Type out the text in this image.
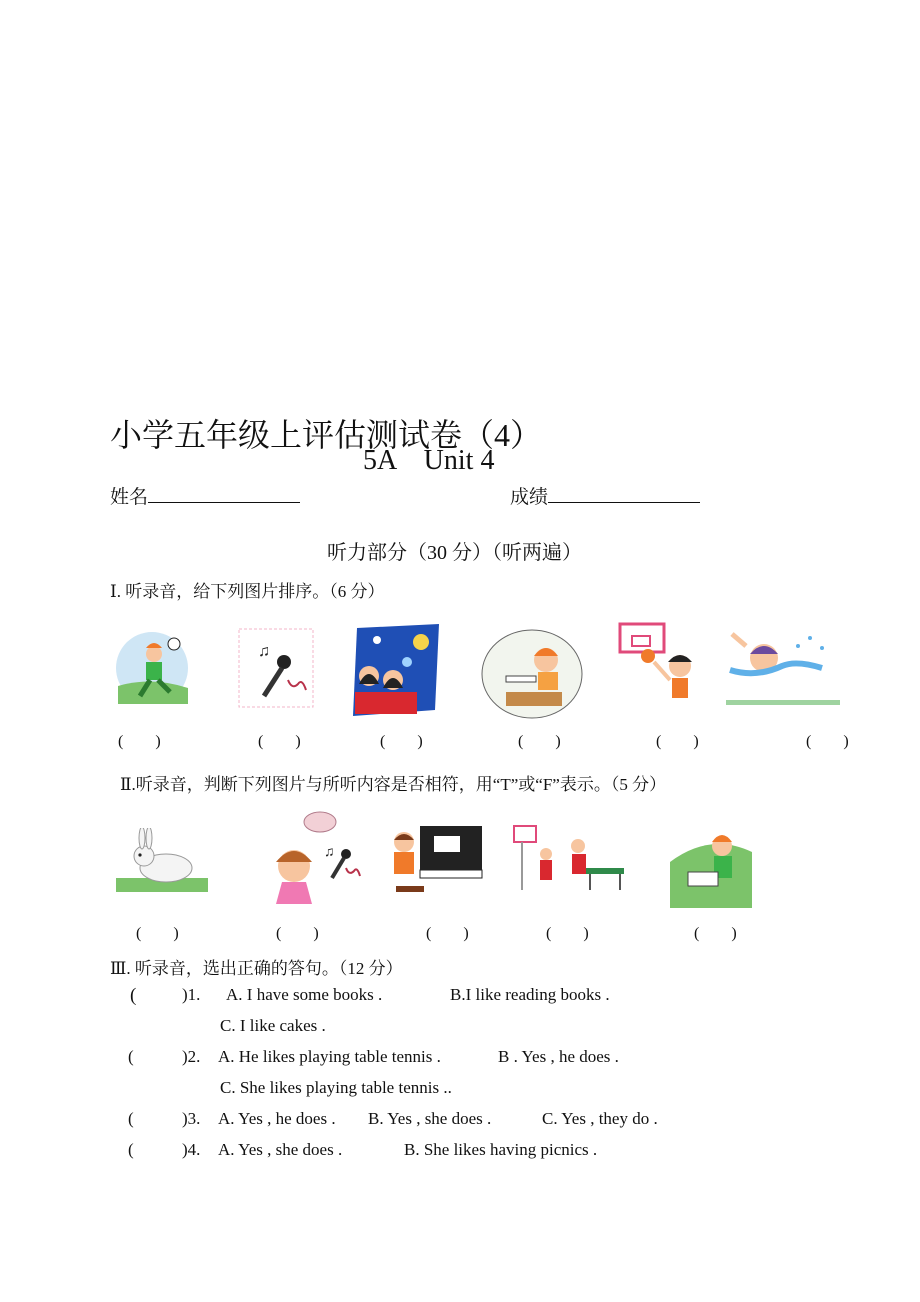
小学五年级上评估测试卷（4）
5A    Unit 4
姓名	成绩
听力部分（30 分）（听两遍）
Ⅰ. 听录音，给下列图片排序。（6 分）
♫
(　　)	(　　)	(　　)	(　　)	(　　)	(　　)
Ⅱ.听录音，判断下列图片与所听内容是否相符，用“T”或“F”表示。（5 分）
♫
(　　)	(　　)	(　　)	(　　)	(　　)
Ⅲ. 听录音，选出正确的答句。（12 分）
(	)1. A. I have some books .	B.I like reading books .
C. I like cakes .
(	)2. A. He likes playing table tennis .	B . Yes , he does .
C. She likes playing table tennis ..
(	)3. A. Yes , he does . B. Yes , she does .	C. Yes , they do .
(	)4. A. Yes , she does .	B. She likes having picnics .
